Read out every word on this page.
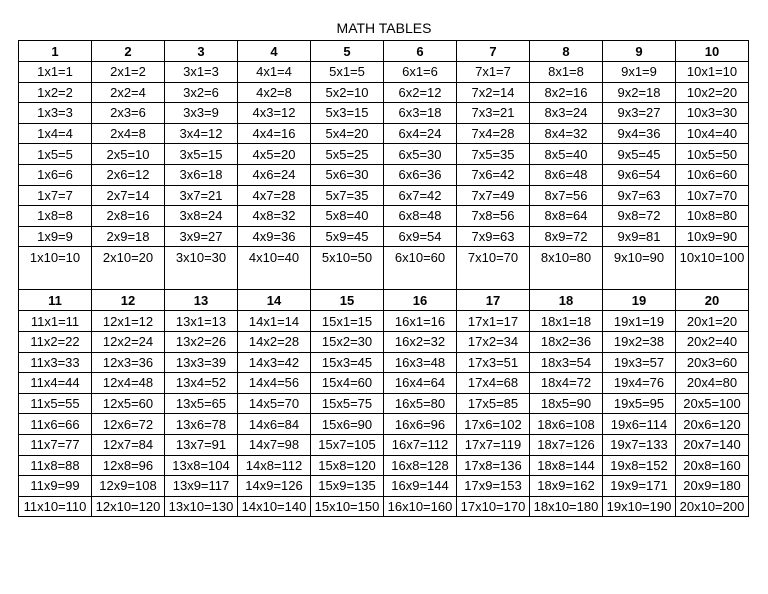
MATH TABLES
1	2	3	4	5	6	7	8	9	10
1x1=1	2x1=2	3x1=3	4x1=4	5x1=5	6x1=6	7x1=7	8x1=8	9x1=9	10x1=10
1x2=2	2x2=4	3x2=6	4x2=8	5x2=10	6x2=12	7x2=14	8x2=16	9x2=18	10x2=20
1x3=3	2x3=6	3x3=9	4x3=12	5x3=15	6x3=18	7x3=21	8x3=24	9x3=27	10x3=30
1x4=4	2x4=8	3x4=12	4x4=16	5x4=20	6x4=24	7x4=28	8x4=32	9x4=36	10x4=40
1x5=5	2x5=10	3x5=15	4x5=20	5x5=25	6x5=30	7x5=35	8x5=40	9x5=45	10x5=50
1x6=6	2x6=12	3x6=18	4x6=24	5x6=30	6x6=36	7x6=42	8x6=48	9x6=54	10x6=60
1x7=7	2x7=14	3x7=21	4x7=28	5x7=35	6x7=42	7x7=49	8x7=56	9x7=63	10x7=70
1x8=8	2x8=16	3x8=24	4x8=32	5x8=40	6x8=48	7x8=56	8x8=64	9x8=72	10x8=80
1x9=9	2x9=18	3x9=27	4x9=36	5x9=45	6x9=54	7x9=63	8x9=72	9x9=81	10x9=90
1x10=10	2x10=20	3x10=30	4x10=40	5x10=50	6x10=60	7x10=70	8x10=80	9x10=90	10x10=100
11	12	13	14	15	16	17	18	19	20
11x1=11	12x1=12	13x1=13	14x1=14	15x1=15	16x1=16	17x1=17	18x1=18	19x1=19	20x1=20
11x2=22	12x2=24	13x2=26	14x2=28	15x2=30	16x2=32	17x2=34	18x2=36	19x2=38	20x2=40
11x3=33	12x3=36	13x3=39	14x3=42	15x3=45	16x3=48	17x3=51	18x3=54	19x3=57	20x3=60
11x4=44	12x4=48	13x4=52	14x4=56	15x4=60	16x4=64	17x4=68	18x4=72	19x4=76	20x4=80
11x5=55	12x5=60	13x5=65	14x5=70	15x5=75	16x5=80	17x5=85	18x5=90	19x5=95	20x5=100
11x6=66	12x6=72	13x6=78	14x6=84	15x6=90	16x6=96	17x6=102	18x6=108	19x6=114	20x6=120
11x7=77	12x7=84	13x7=91	14x7=98	15x7=105	16x7=112	17x7=119	18x7=126	19x7=133	20x7=140
11x8=88	12x8=96	13x8=104	14x8=112	15x8=120	16x8=128	17x8=136	18x8=144	19x8=152	20x8=160
11x9=99	12x9=108	13x9=117	14x9=126	15x9=135	16x9=144	17x9=153	18x9=162	19x9=171	20x9=180
11x10=110	12x10=120	13x10=130	14x10=140	15x10=150	16x10=160	17x10=170	18x10=180	19x10=190	20x10=200
